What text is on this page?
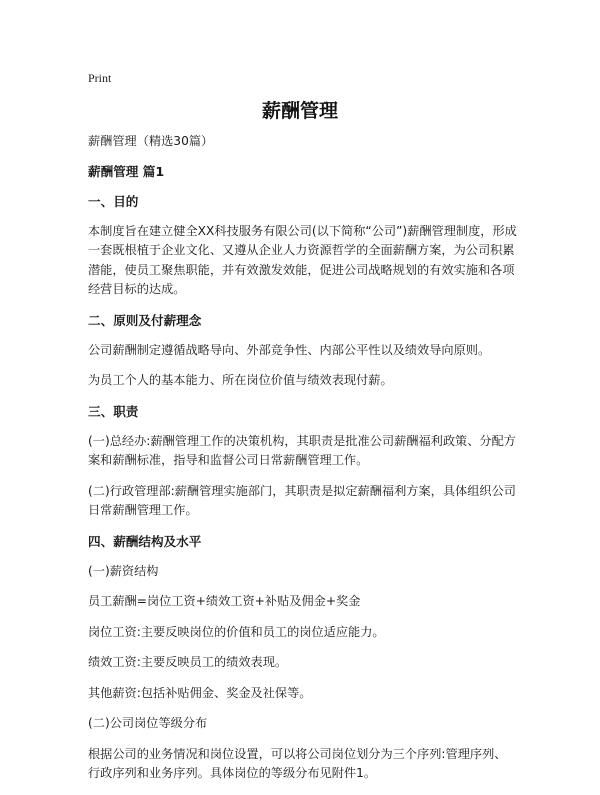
Print
薪酬管理

薪酬管理（精选30篇）

薪酬管理 篇1
一、目的

本制度旨在建立健全XX科技服务有限公司(以下简称“公司”)薪酬管理制度，形成一套既根植于企业文化、又遵从企业人力资源哲学的全面薪酬方案，为公司积累潜能，使员工聚焦职能，并有效激发效能，促进公司战略规划的有效实施和各项经营目标的达成。

二、原则及付薪理念

公司薪酬制定遵循战略导向、外部竞争性、内部公平性以及绩效导向原则。

为员工个人的基本能力、所在岗位价值与绩效表现付薪。

三、职责

(一)总经办:薪酬管理工作的决策机构，其职责是批准公司薪酬福利政策、分配方案和薪酬标准，指导和监督公司日常薪酬管理工作。

(二)行政管理部:薪酬管理实施部门，其职责是拟定薪酬福利方案，具体组织公司日常薪酬管理工作。

四、薪酬结构及水平

(一)薪资结构

员工薪酬=岗位工资+绩效工资+补贴及佣金+奖金

岗位工资:主要反映岗位的价值和员工的岗位适应能力。

绩效工资:主要反映员工的绩效表现。

其他薪资:包括补贴佣金、奖金及社保等。

(二)公司岗位等级分布

根据公司的业务情况和岗位设置，可以将公司岗位划分为三个序列:管理序列、行政序列和业务序列。具体岗位的等级分布见附件1。
